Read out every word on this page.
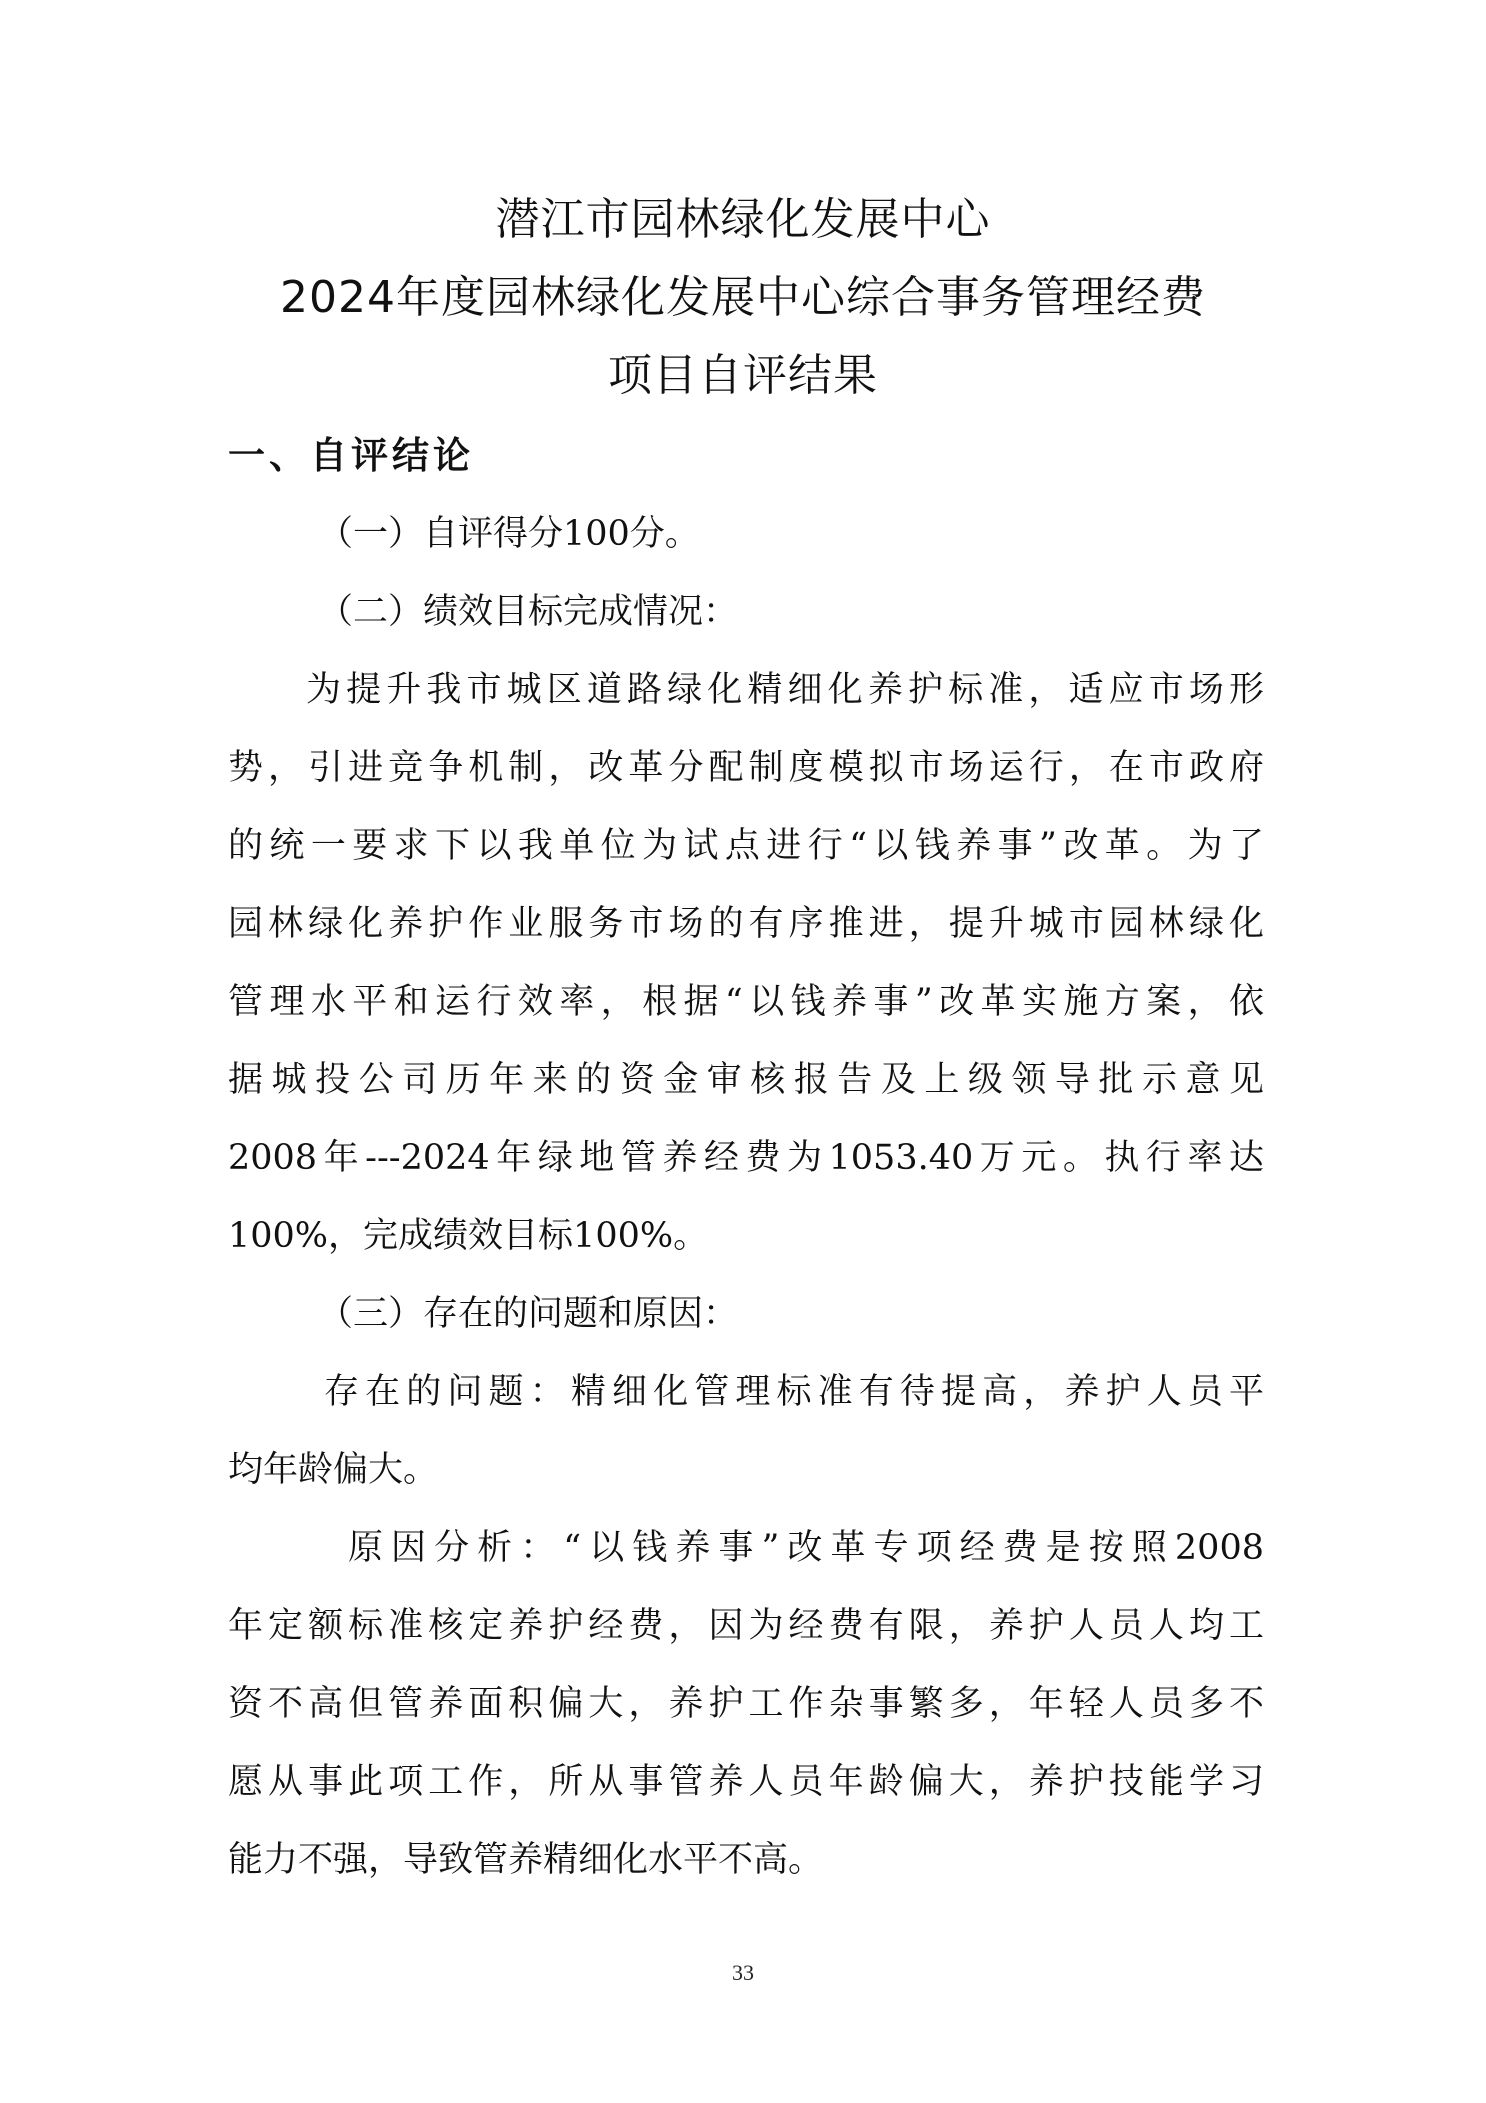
潜江市园林绿化发展中心
2024年度园林绿化发展中心综合事务管理经费
项目自评结果
一、自评结论
（一）自评得分100分。
（二）绩效目标完成情况：
为提升我市城区道路绿化精细化养护标准，适应市场形
势，引进竞争机制，改革分配制度模拟市场运行，在市政府
的统一要求下以我单位为试点进行“以钱养事”改革。为了
园林绿化养护作业服务市场的有序推进，提升城市园林绿化
管理水平和运行效率，根据“以钱养事”改革实施方案，依
据城投公司历年来的资金审核报告及上级领导批示意见
2008年---2024年绿地管养经费为1053.40万元。执行率达
100%，完成绩效目标100%。
（三）存在的问题和原因：
存在的问题：精细化管理标准有待提高，养护人员平
均年龄偏大。
原因分析：“以钱养事”改革专项经费是按照2008
年定额标准核定养护经费，因为经费有限，养护人员人均工
资不高但管养面积偏大，养护工作杂事繁多，年轻人员多不
愿从事此项工作，所从事管养人员年龄偏大，养护技能学习
能力不强，导致管养精细化水平不高。
33
